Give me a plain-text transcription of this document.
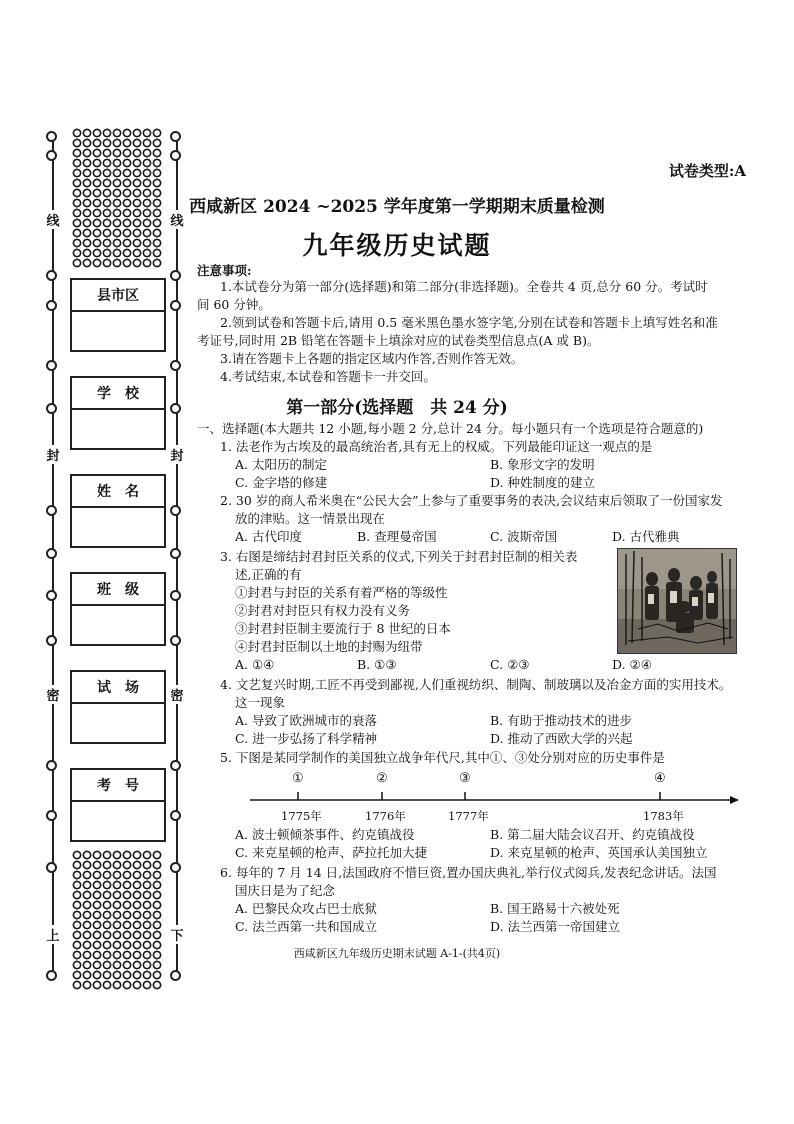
线
封
密
上
线
封
密
下
县市区
学　校
姓　名
班　级
试　场
考　号
试卷类型:A
西咸新区 2024 ~2025 学年度第一学期期末质量检测
九年级历史试题
注意事项:
1.本试卷分为第一部分(选择题)和第二部分(非选择题)。全卷共 4 页,总分 60 分。考试时
间 60 分钟。
2.领到试卷和答题卡后,请用 0.5 毫米黑色墨水签字笔,分别在试卷和答题卡上填写姓名和准
考证号,同时用 2B 铅笔在答题卡上填涂对应的试卷类型信息点(A 或 B)。
3.请在答题卡上各题的指定区域内作答,否则作答无效。
4.考试结束,本试卷和答题卡一并交回。
第一部分(选择题　共 24 分)
一、选择题(本大题共 12 小题,每小题 2 分,总计 24 分。每小题只有一个选项是符合题意的)
1. 法老作为古埃及的最高统治者,具有无上的权威。下列最能印证这一观点的是
A. 太阳历的制定	B. 象形文字的发明
C. 金字塔的修建	D. 种姓制度的建立
2. 30 岁的商人希米奥在“公民大会”上参与了重要事务的表决,会议结束后领取了一份国家发
放的津贴。这一情景出现在
A. 古代印度	B. 查理曼帝国	C. 波斯帝国	D. 古代雅典
3. 右图是缔结封君封臣关系的仪式,下列关于封君封臣制的相关表
述,正确的有
①封君与封臣的关系有着严格的等级性
②封君对封臣只有权力没有义务
③封君封臣制主要流行于 8 世纪的日本
④封君封臣制以土地的封赐为纽带
A. ①④	B. ①③	C. ②③	D. ②④
4. 文艺复兴时期,工匠不再受到鄙视,人们重视纺织、制陶、制玻璃以及冶金方面的实用技术。
这一现象
A. 导致了欧洲城市的衰落	B. 有助于推动技术的进步
C. 进一步弘扬了科学精神	D. 推动了西欧大学的兴起
5. 下图是某同学制作的美国独立战争年代尺,其中①、③处分别对应的历史事件是
①	②	③	④
1775年	1776年	1777年	1783年
A. 波士顿倾茶事件、约克镇战役	B. 第二届大陆会议召开、约克镇战役
C. 来克星顿的枪声、萨拉托加大捷	D. 来克星顿的枪声、英国承认美国独立
6. 每年的 7 月 14 日,法国政府不惜巨资,置办国庆典礼,举行仪式阅兵,发表纪念讲话。法国
国庆日是为了纪念
A. 巴黎民众攻占巴士底狱	B. 国王路易十六被处死
C. 法兰西第一共和国成立	D. 法兰西第一帝国建立
西咸新区九年级历史期末试题 A-1-(共4页)
